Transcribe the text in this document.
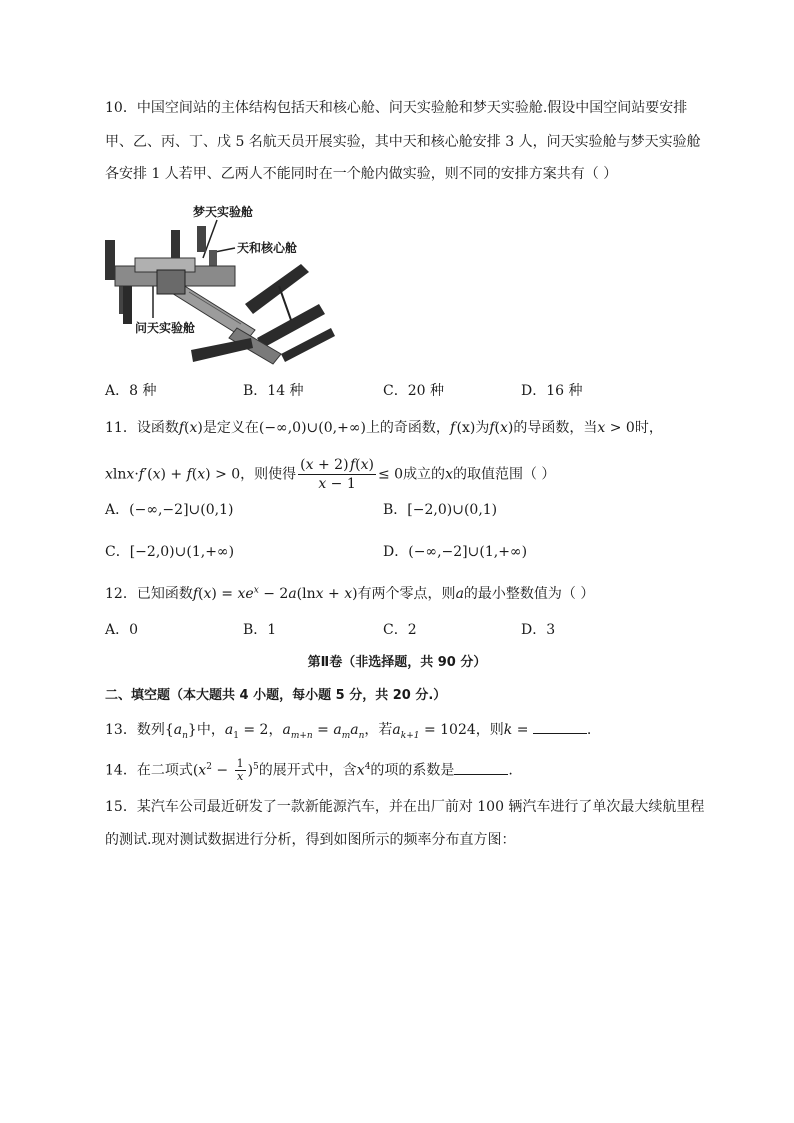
10．中国空间站的主体结构包括天和核心舱、问天实验舱和梦天实验舱.假设中国空间站要安排
甲、乙、丙、丁、戊 5 名航天员开展实验，其中天和核心舱安排 3 人，问天实验舱与梦天实验舱
各安排 1 人若甲、乙两人不能同时在一个舱内做实验，则不同的安排方案共有（ ）
梦天实验舱
天和核心舱
问天实验舱
A．8 种	B．14 种	C．20 种	D．16 种
11．设函数f(x)是定义在(−∞,0)∪(0,+∞)上的奇函数，f (x)为f(x)的导函数，当x > 0时，
xlnx·f′(x) + f(x) > 0，则使得 $\frac{(x + 2) f(x)}{x - 1} \le 0$成立的x的取值范围（ ）
A．(−∞,−2]∪(0,1)	B．[−2,0)∪(0,1)
C．[−2,0)∪(1,+∞)	D．(−∞,−2]∪(1,+∞)
12．已知函数$f(x) = xe^x - 2a(\ln x + x)$有两个零点，则a的最小整数值为（ ）
A．0	B．1	C．2	D．3
第Ⅱ卷（非选择题，共 90 分）
二、填空题（本大题共 4 小题，每小题 5 分，共 20 分.）
13．数列$\{a_n\}$中，$a_1 = 2$，$a_{m+n} = a_ma_n$，若$a_{k+1} = 1024$，则k =	.
14．在二项式$(x^2 - \frac{1}{x} )^5$的展开式中，含$x^4$的项的系数是	.
15．某汽车公司最近研发了一款新能源汽车，并在出厂前对 100 辆汽车进行了单次最大续航里程
的测试.现对测试数据进行分析，得到如图所示的频率分布直方图：
